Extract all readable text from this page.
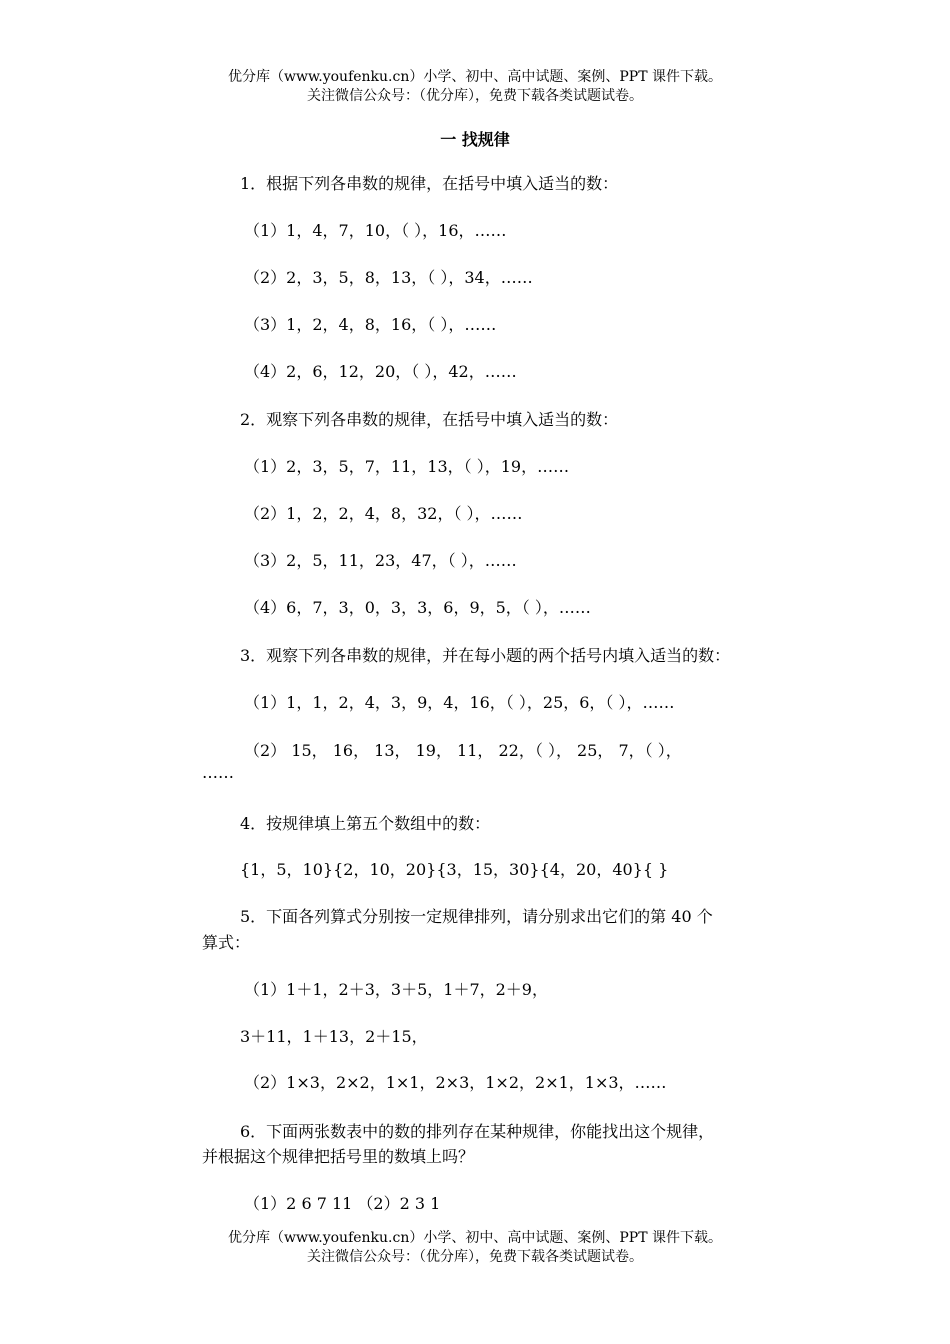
优分库（www.youfenku.cn）小学、初中、高中试题、案例、PPT 课件下载。
关注微信公众号：（优分库），免费下载各类试题试卷。
一 找规律
1．根据下列各串数的规律，在括号中填入适当的数：
（1）1，4，7，10，（ ），16，……
（2）2，3，5，8，13，（ ），34，……
（3）1，2，4，8，16，（ ），……
（4）2，6，12，20，（ ），42，……
2．观察下列各串数的规律，在括号中填入适当的数：
（1）2，3，5，7，11，13，（ ），19，……
（2）1，2，2，4，8，32，（ ），……
（3）2，5，11，23，47，（ ），……
（4）6，7，3，0，3，3，6，9，5，（ ），……
3．观察下列各串数的规律，并在每小题的两个括号内填入适当的数：
（1）1，1，2，4，3，9，4，16，（ ），25，6，（ ），……
（2） 15， 16， 13， 19， 11， 22，（ ）， 25， 7，（ ），
……
4．按规律填上第五个数组中的数：
{1，5，10}{2，10，20}{3，15，30}{4，20，40}{ }
5．下面各列算式分别按一定规律排列，请分别求出它们的第 40 个
算式：
（1）1＋1，2＋3，3＋5，1＋7，2＋9，
3＋11，1＋13，2＋15，
（2）1×3，2×2，1×1，2×3，1×2，2×1，1×3，……
6．下面两张数表中的数的排列存在某种规律，你能找出这个规律，
并根据这个规律把括号里的数填上吗？
（1）2 6 7 11 （2）2 3 1
优分库（www.youfenku.cn）小学、初中、高中试题、案例、PPT 课件下载。
关注微信公众号：（优分库），免费下载各类试题试卷。
